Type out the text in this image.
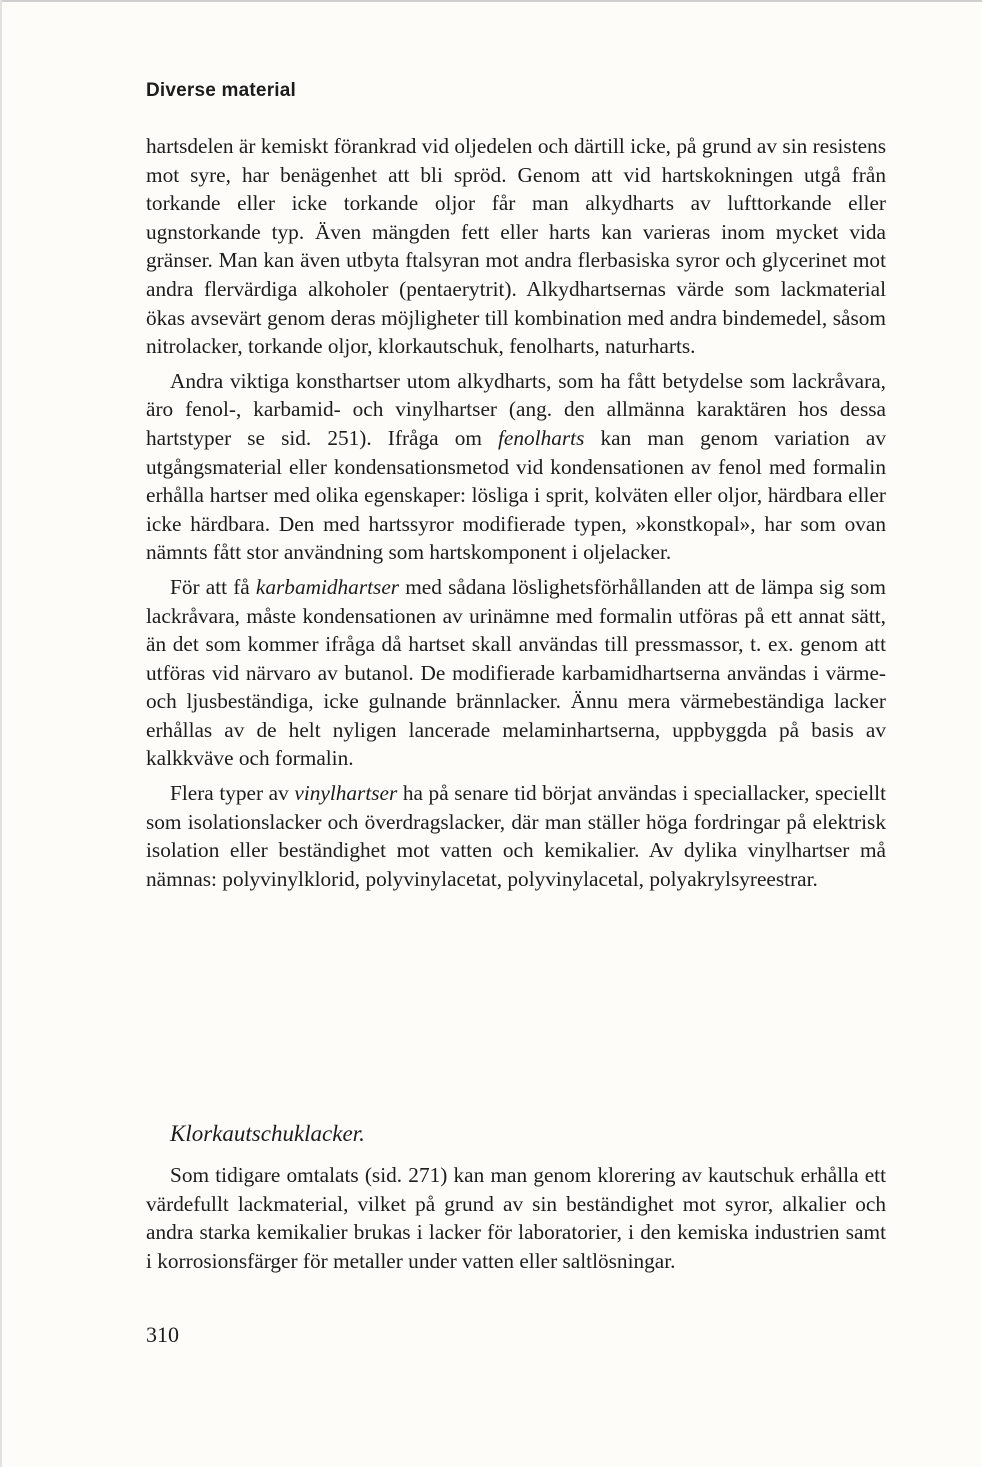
Diverse material

hartsdelen är kemiskt förankrad vid oljedelen och därtill icke, på grund av sin resistens mot syre, har benägenhet att bli spröd. Genom att vid hartskokningen utgå från torkande eller icke torkande oljor får man alkydharts av lufttorkande eller ugnstorkande typ. Även mängden fett eller harts kan varieras inom mycket vida gränser. Man kan även utbyta ftalsyran mot andra flerbasiska syror och glycerinet mot andra flervärdiga alkoholer (pentaerytrit). Alkydhartsernas värde som lackmaterial ökas avsevärt genom deras möjligheter till kombination med andra bindemedel, såsom nitrolacker, torkande oljor, klorkautschuk, fenolharts, naturharts.

Andra viktiga konsthartser utom alkydharts, som ha fått betydelse som lackråvara, äro fenol-, karbamid- och vinylhartser (ang. den allmänna karaktären hos dessa hartstyper se sid. 251). Ifråga om fenolharts kan man genom variation av utgångsmaterial eller kondensationsmetod vid kondensationen av fenol med formalin erhålla hartser med olika egenskaper: lösliga i sprit, kolväten eller oljor, härdbara eller icke härdbara. Den med hartssyror modifierade typen, »konstkopal», har som ovan nämnts fått stor användning som hartskomponent i oljelacker.

För att få karbamidhartser med sådana löslighetsförhållanden att de lämpa sig som lackråvara, måste kondensationen av urinämne med formalin utföras på ett annat sätt, än det som kommer ifråga då hartset skall användas till pressmassor, t. ex. genom att utföras vid närvaro av butanol. De modifierade karbamidhartserna användas i värme- och ljusbeständiga, icke gulnande brännlacker. Ännu mera värmebeständiga lacker erhållas av de helt nyligen lancerade melaminhartserna, uppbyggda på basis av kalkkväve och formalin.

Flera typer av vinylhartser ha på senare tid börjat användas i speciallacker, speciellt som isolationslacker och överdragslacker, där man ställer höga fordringar på elektrisk isolation eller beständighet mot vatten och kemikalier. Av dylika vinylhartser må nämnas: polyvinylklorid, polyvinylacetat, polyvinylacetal, polyakrylsyreestrar.

Klorkautschuklacker.

Som tidigare omtalats (sid. 271) kan man genom klorering av kautschuk erhålla ett värdefullt lackmaterial, vilket på grund av sin beständighet mot syror, alkalier och andra starka kemikalier brukas i lacker för laboratorier, i den kemiska industrien samt i korrosionsfärger för metaller under vatten eller saltlösningar.

310
